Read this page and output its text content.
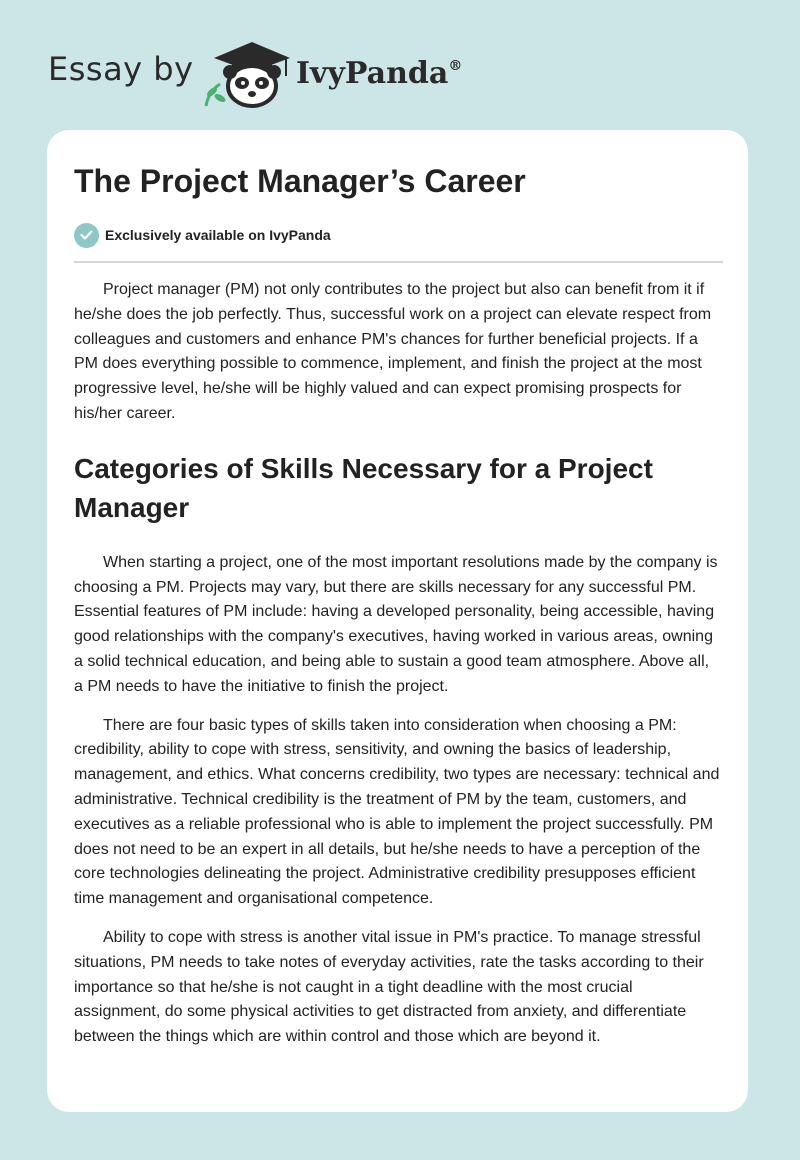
Essay by	IvyPanda®
The Project Manager’s Career
Exclusively available on IvyPanda

Project manager (PM) not only contributes to the project but also can benefit from it if he/she does the job perfectly. Thus, successful work on a project can elevate respect from colleagues and customers and enhance PM's chances for further beneficial projects. If a PM does everything possible to commence, implement, and finish the project at the most progressive level, he/she will be highly valued and can expect promising prospects for his/her career.

Categories of Skills Necessary for a Project Manager

When starting a project, one of the most important resolutions made by the company is choosing a PM. Projects may vary, but there are skills necessary for any successful PM. Essential features of PM include: having a developed personality, being accessible, having good relationships with the company's executives, having worked in various areas, owning a solid technical education, and being able to sustain a good team atmosphere. Above all, a PM needs to have the initiative to finish the project.

There are four basic types of skills taken into consideration when choosing a PM: credibility, ability to cope with stress, sensitivity, and owning the basics of leadership, management, and ethics. What concerns credibility, two types are necessary: technical and administrative. Technical credibility is the treatment of PM by the team, customers, and executives as a reliable professional who is able to implement the project successfully. PM does not need to be an expert in all details, but he/she needs to have a perception of the core technologies delineating the project. Administrative credibility presupposes efficient time management and organisational competence.

Ability to cope with stress is another vital issue in PM's practice. To manage stressful situations, PM needs to take notes of everyday activities, rate the tasks according to their importance so that he/she is not caught in a tight deadline with the most crucial assignment, do some physical activities to get distracted from anxiety, and differentiate between the things which are within control and those which are beyond it.
